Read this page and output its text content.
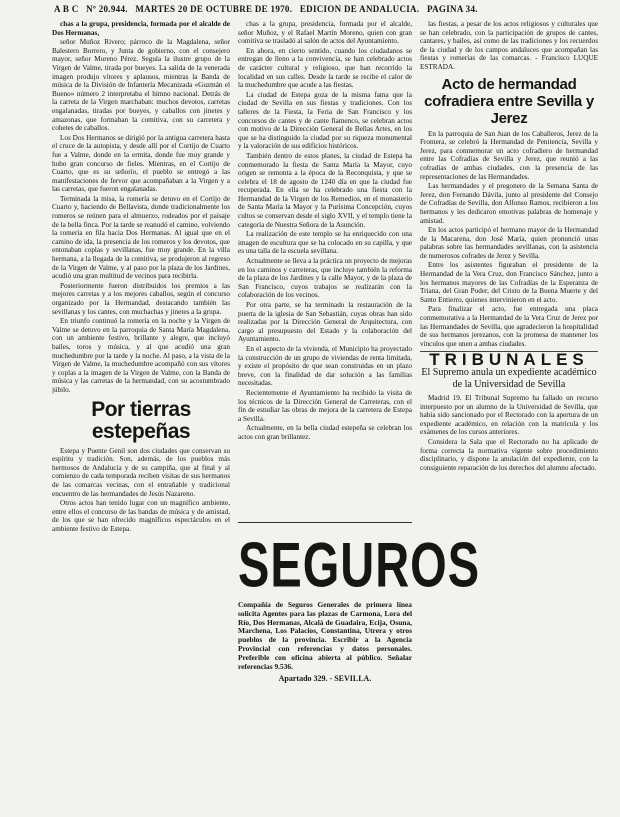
A B C Nº 20.944. MARTES 20 DE OCTUBRE DE 1970. EDICION DE ANDALUCIA. PAGINA 34.

chas a la grupa, presidencia, formada por el alcalde de Dos Hermanas,

señor Muñoz Rivero; párroco de la Magdalena, señor Balestero Borrero, y Junta de gobierno, con el consejero mayor, señor Moreno Pérez. Seguía la ilustre grupo de la Virgen de Valme, tirada por bueyes. La salida de la venerada imagen produjo vítores y aplausos, mientras la Banda de música de la División de Infantería Mecanizada «Guzmán el Bueno» número 2 interpretaba el himno nacional. Detrás de la carreta de la Virgen marchaban: muchos devotos, carretas engalanadas, tiradas por bueyes, y caballos con jinetes y amazonas, que formaban la comitiva, con su carretera y cohetes de caballos.

Los Dos Hermanos se dirigió por la antigua carretera hasta el cruce de la autopista, y desde allí por el Cortijo de Cuarto fue a Valme, donde en la ermita, donde fue muy grande y hubo gran concurso de fieles. Mientras, en el Cortijo de Cuarto, que es su señorío, el pueblo se entregó a las manifestaciones de fervor que acompañaban a la Virgen y a las carretas, que fueron engalanadas.

Terminada la misa, la romería se detuvo en el Cortijo de Cuarto y, haciendo de Bellavista, donde tradicionalmente los romeros se reúnen para el almuerzo, rodeados por el paisaje de la bella finca. Por la tarde se reanudó el camino, volviendo la romería en fila hacia Dos Hermanas. Al igual que en el camino de ida, la presencia de los romeros y los devotos, que entonaban coplas y sevillanas, fue muy grande. En la villa hermana, a la llegada de la comitiva, se produjeron al regreso de la Virgen de Valme, y al paso por la plaza de los Jardines, acudió una gran multitud de vecinos para recibirla.

Posteriormente fueron distribuidos los premios a las mejores carretas y a los mejores caballos, según el concurso organizado por la Hermandad, destacando también las sevillanas y los cantes, con muchachas y jinetes a la grupa.

En triunfo continuó la romería en la noche y la Virgen de Valme se detuvo en la parroquia de Santa María Magdalena, con un ambiente festivo, brillante y alegre, que incluyó bailes, toros y música, y al que acudió una gran muchedumbre por la tarde y la noche. Al paso, a la vista de la Virgen de Valme, la muchedumbre acompañó con sus vítores y coplas a la imagen de la Virgen de Valme, con la Banda de música y las carretas de la hermandad, con su acostumbrado júbilo.

Por tierras estepeñas

Estepa y Puente Genil son dos ciudades que conservan su espíritu y tradición. Son, además, de los pueblos más hermosos de Andalucía y de su campiña, que al final y al comienzo de cada temporada reciben visitas de sus hermanos de las comarcas vecinas, con el entrañable y tradicional encuentro de las hermandades de Jesús Nazareno.

Otros actos han tenido lugar con un magnífico ambiente, entre ellos el concurso de las bandas de música y de amistad, de los que se han ofrecido magníficos espectáculos en el ambiente festivo de Estepa.

chas a la grupa, presidencia, formada por el alcalde, señor Muñoz, y el Rafael Martín Moreno, quien con gran comitiva se trasladó al salón de actos del Ayuntamiento.

En ahora, en cierto sentido, cuando los ciudadanos se entregan de lleno a la convivencia, se han celebrado actos de carácter cultural y religioso, que han recorrido la localidad en sus calles. Desde la tarde se recibe el calor de la muchedumbre que acude a las fiestas.

La ciudad de Estepa goza de la misma fama que la ciudad de Sevilla en sus fiestas y tradiciones. Con los talleres de la Fiesta, la Feria de San Francisco y los concursos de cantes y de cante flamenco, se celebran actos con motivo de la Dirección General de Bellas Artes, en los que se ha distinguido la ciudad por su riqueza monumental y la valoración de sus edificios históricos.

También dentro de estos planes, la ciudad de Estepa ha conmemorado la fiesta de Santa María la Mayor, cuyo origen se remonta a la época de la Reconquista, y que se celebra el 18 de agosto de 1240 día en que la ciudad fue recuperada. En ella se ha celebrado una fiesta con la Hermandad de la Virgen de los Remedios, en el monasterio de Santa María la Mayor y la Purísima Concepción, cuyos cultos se conservan desde el siglo XVII, y el templo tiene la categoría de Nuestra Señora de la Asunción.

La realización de este templo se ha enriquecido con una imagen de escultura que se ha colocado en su capilla, y que es una talla de la escuela sevillana.

Actualmente se lleva a la práctica un proyecto de mejoras en los caminos y carreteras, que incluye también la reforma de la plaza de los Jardines y la calle Mayor, y de la plaza de San Francisco, cuyos trabajos se realizarán con la colaboración de los vecinos.

Por otra parte, se ha terminado la restauración de la puerta de la iglesia de San Sebastián, cuyas obras han sido realizadas por la Dirección General de Arquitectura, con cargo al presupuesto del Estado y la colaboración del Ayuntamiento.

En el aspecto de la vivienda, el Municipio ha proyectado la construcción de un grupo de viviendas de renta limitada, y existe el propósito de que sean construidas en un plazo breve, con la finalidad de dar solución a las familias necesitadas.

Recientemente el Ayuntamiento ha recibido la visita de los técnicos de la Dirección General de Carreteras, con el fin de estudiar las obras de mejora de la carretera de Estepa a Sevilla.

Actualmente, en la bella ciudad estepeña se celebran los actos con gran brillantez.

SEGUROS
Compañía de Seguros Generales de primera línea solicita Agentes para las plazas de Carmona, Lora del Río, Dos Hermanas, Alcalá de Guadaira, Ecija, Osuna, Marchena, Los Palacios, Constantina, Utrera y otros pueblos de la provincia. Escribir a la Agencia Provincial con referencias y datos personales. Preferible con oficina abierta al público. Señalar referencias 9.536.
Apartado 329. - SEVILLA.

las fiestas, a pesar de los actos religiosos y culturales que se han celebrado, con la participación de grupos de cantes, cantares, y bailes, así como de las tradiciones y los recuerdos de la ciudad y de los campos andaluces que acompañan las fiestas y romerías de las comarcas. - Francisco LUQUE ESTRADA.

Acto de hermandad cofradiera entre Sevilla y Jerez

En la parroquia de San Juan de los Caballeros, Jerez de la Frontera, se celebró la Hermandad de Penitencia, Sevilla y Jerez, para conmemorar un acto cofradiero de hermandad entre las Cofradías de Sevilla y Jerez, que reunió a las cofradías de ambas ciudades, con la presencia de las representaciones de las Hermandades.

Las hermandades y el pregonero de la Semana Santa de Jerez, don Fernando Dávila, junto al presidente del Consejo de Cofradías de Sevilla, don Alfonso Ramos, recibieron a los hermanos y les dedicaron emotivas palabras de homenaje y amistad.

En los actos participó el hermano mayor de la Hermandad de la Macarena, don José María, quien pronunció unas palabras sobre las hermandades sevillanas, con la asistencia de numerosos cofrades de Jerez y Sevilla.

Entre los asistentes figuraban el presidente de la Hermandad de la Vera Cruz, don Francisco Sánchez, junto a los hermanos mayores de las Cofradías de la Esperanza de Triana, del Gran Poder, del Cristo de la Buena Muerte y del Santo Entierro, quienes intervinieron en el acto.

Para finalizar el acto, fue entregada una placa conmemorativa a la Hermandad de la Vera Cruz de Jerez por las Hermandades de Sevilla, que agradecieron la hospitalidad de sus hermanos jerezanos, con la promesa de mantener los vínculos que unen a ambas ciudades.

TRIBUNALES
El Supremo anula un expediente académico de la Universidad de Sevilla

Madrid 19. El Tribunal Supremo ha fallado un recurso interpuesto por un alumno de la Universidad de Sevilla, que había sido sancionado por el Rectorado con la apertura de un expediente académico, en relación con la matrícula y los exámenes de los cursos anteriores.

Considera la Sala que el Rectorado no ha aplicado de forma correcta la normativa vigente sobre procedimiento disciplinario, y dispone la anulación del expediente, con la consiguiente reparación de los derechos del alumno afectado.
